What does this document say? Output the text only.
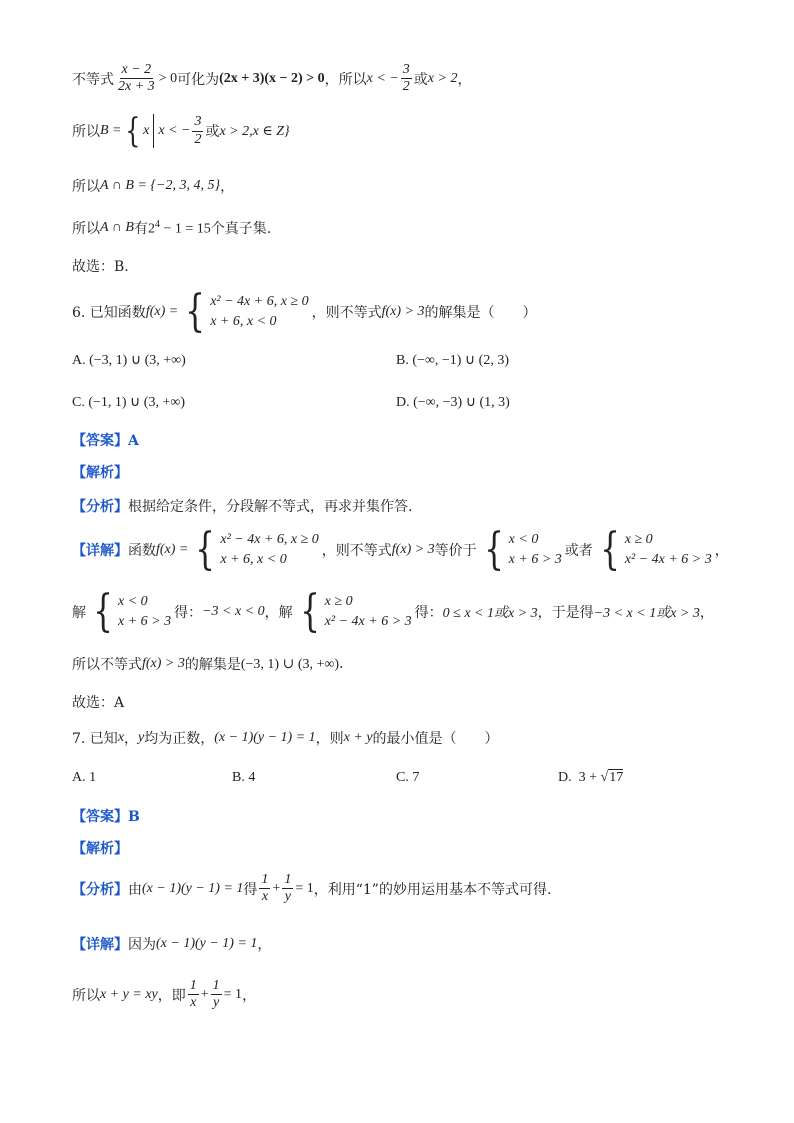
不等式 $\frac{x - 2}{2x + 3} > 0$ 可化为 (2x + 3)(x − 2) > 0 ，所以 x < − $\frac{3}{2}$ 或 x > 2 ，
所以 B = { x x < − $\frac{3}{2}$ 或 x > 2,x ∈ Z}
所以 A ∩ B = {−2, 3, 4, 5} ，
所以 A ∩ B 有 $2^4 - 1 = 15$ 个真子集.
故选：B.
6. 已知函数 f(x) = { x² − 4x + 6, x ≥ 0
x + 6, x < 0
，则不等式 f(x) > 3 的解集是（　　）
A. (−3, 1) ∪ (3, +∞)	B. (−∞, −1) ∪ (2, 3)
C. (−1, 1) ∪ (3, +∞)	D. (−∞, −3) ∪ (1, 3)
【答案】A
【解析】
【分析】 根据给定条件，分段解不等式，再求并集作答.
【详解】 函数 f(x) = { x² − 4x + 6, x ≥ 0
x + 6, x < 0
，则不等式 f(x) > 3 等价于 { x < 0
x + 6 > 3
或者 { x ≥ 0
x² − 4x + 6 > 3
，
解 { x < 0
x + 6 > 3
得： −3 < x < 0 ，解 { x ≥ 0
x² − 4x + 6 > 3
得： 0 ≤ x < 1或x > 3 ，于是得 −3 < x < 1或x > 3 ，
所以不等式 f(x) > 3 的解集是 (−3, 1) ∪ (3, +∞) .
故选：A
7. 已知 x ， y 均为正数， (x − 1)(y − 1) = 1 ，则 x + y 的最小值是（　　）
A. 1	B. 4	C. 7	D. 3 + √17
【答案】B
【解析】
【分析】 由 (x − 1)(y − 1) = 1 得 $\frac{1}{x} + \frac{1}{y} = 1$ ，利用“1”的妙用运用基本不等式可得.
【详解】 因为 (x − 1)(y − 1) = 1 ，
所以 x + y = xy ，即 $\frac{1}{x} + \frac{1}{y} = 1$ ，
